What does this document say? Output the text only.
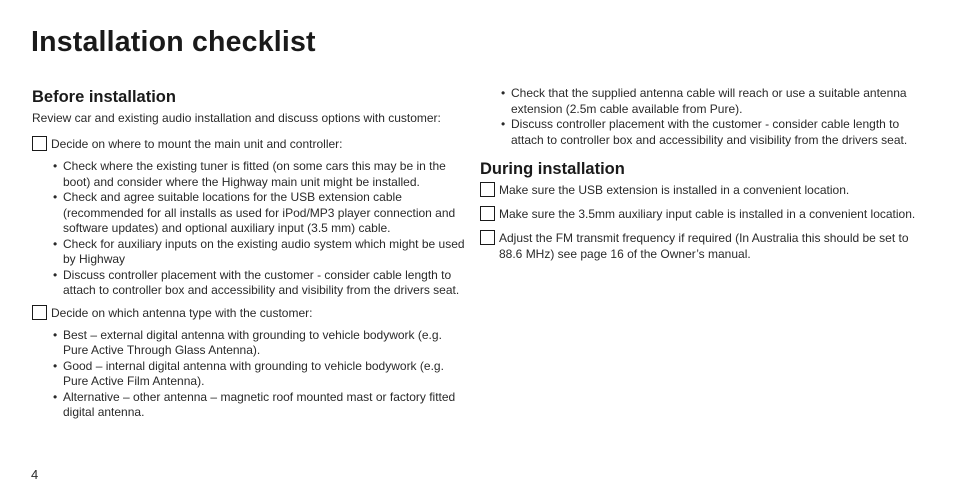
Installation checklist
Before installation
Review car and existing audio installation and discuss options with customer:
Decide on where to mount the main unit and controller:
• Check where the existing tuner is fitted (on some cars this may be in the boot) and consider where the Highway main unit might be installed.
• Check and agree suitable locations for the USB extension cable (recommended for all installs as used for iPod/MP3 player connection and software updates) and optional auxiliary input (3.5 mm) cable.
• Check for auxiliary inputs on the existing audio system which might be used by Highway
• Discuss controller placement with the customer - consider cable length to attach to controller box and accessibility and visibility from the drivers seat.
Decide on which antenna type with the customer:
• Best – external digital antenna with grounding to vehicle bodywork (e.g. Pure Active Through Glass Antenna).
• Good – internal digital antenna with grounding to vehicle bodywork (e.g. Pure Active Film Antenna).
• Alternative – other antenna – magnetic roof mounted mast or factory fitted digital antenna.
• Check that the supplied antenna cable will reach or use a suitable antenna extension (2.5m cable available from Pure).
• Discuss controller placement with the customer - consider cable length to attach to controller box and accessibility and visibility from the drivers seat.
During installation
Make sure the USB extension is installed in a convenient location.
Make sure the 3.5mm auxiliary input cable is installed in a convenient location.
Adjust the FM transmit frequency if required (In Australia this should be set to 88.6 MHz) see page 16 of the Owner’s manual.
4
